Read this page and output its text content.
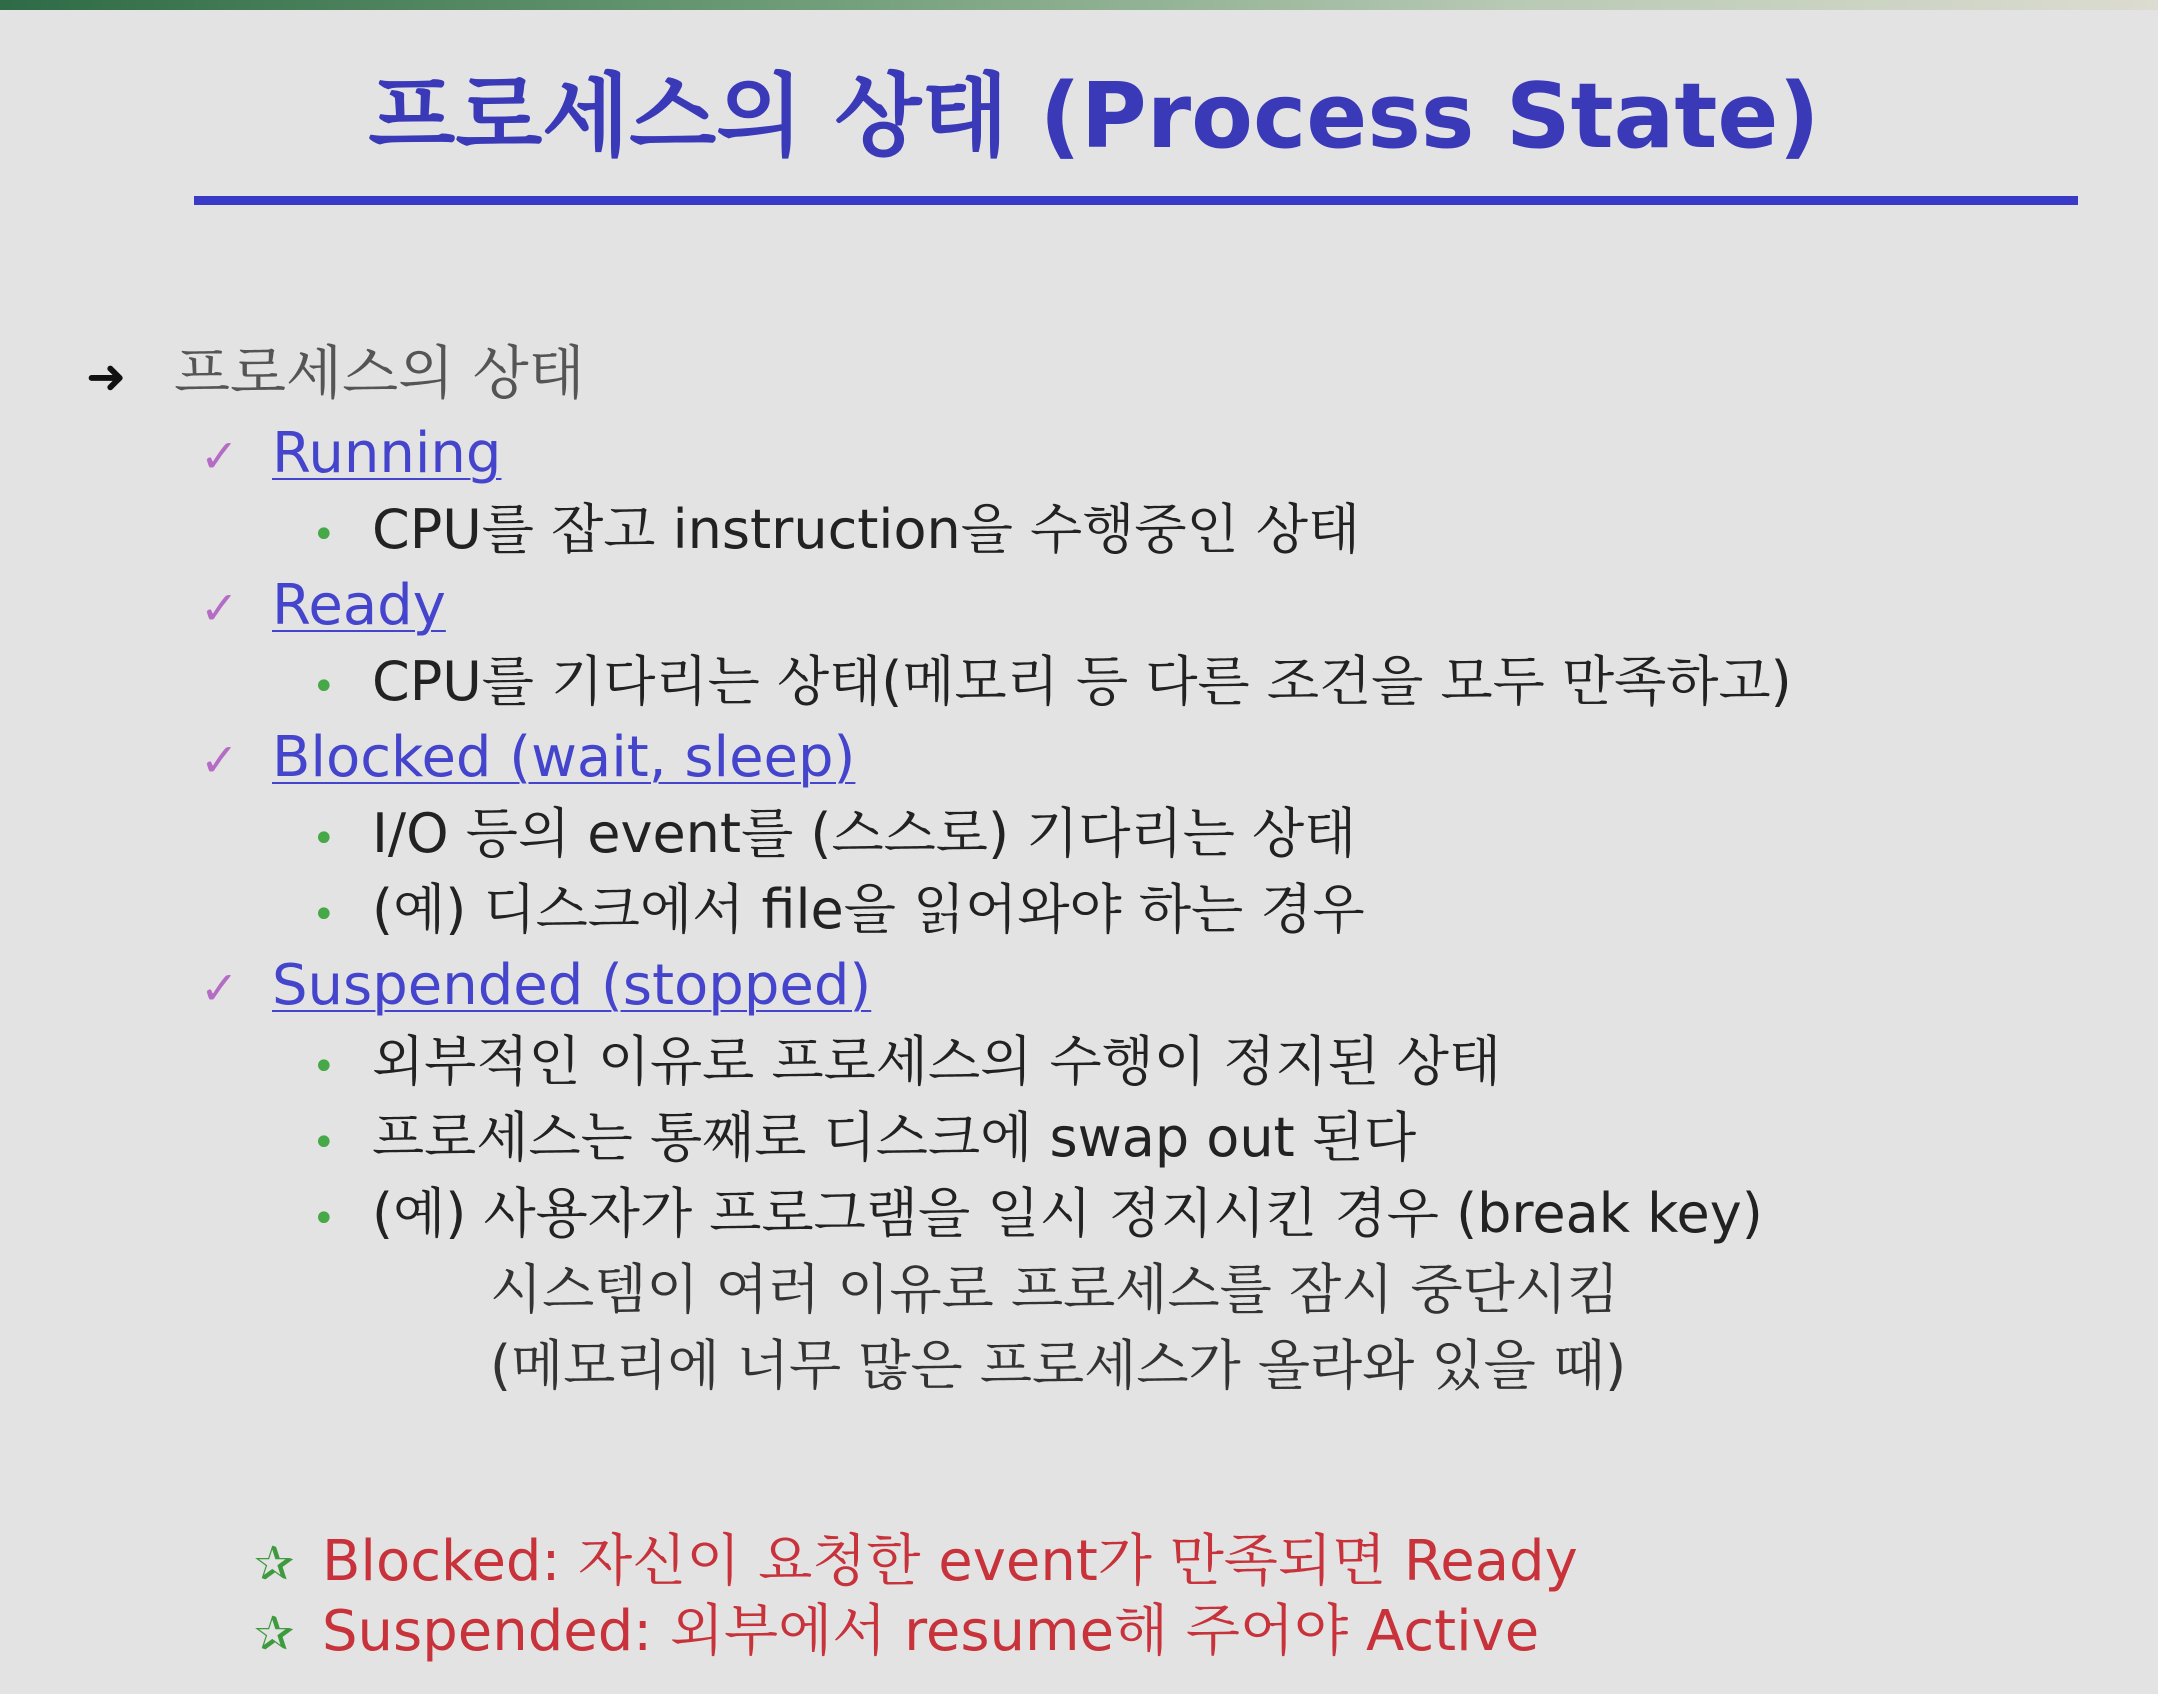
프로세스의 상태 (Process State)
➜ 프로세스의 상태
✓ Running
• CPU를 잡고 instruction을 수행중인 상태
✓ Ready
• CPU를 기다리는 상태(메모리 등 다른 조건을 모두 만족하고)
✓ Blocked (wait, sleep)
• I/O 등의 event를 (스스로) 기다리는 상태
• (예) 디스크에서 file을 읽어와야 하는 경우
✓ Suspended (stopped)
• 외부적인 이유로 프로세스의 수행이 정지된 상태
• 프로세스는 통째로 디스크에 swap out 된다
• (예) 사용자가 프로그램을 일시 정지시킨 경우 (break key)
시스템이 여러 이유로 프로세스를 잠시 중단시킴
(메모리에 너무 많은 프로세스가 올라와 있을 때)
✰ Blocked: 자신이 요청한 event가 만족되면 Ready
✰ Suspended: 외부에서 resume해 주어야 Active
